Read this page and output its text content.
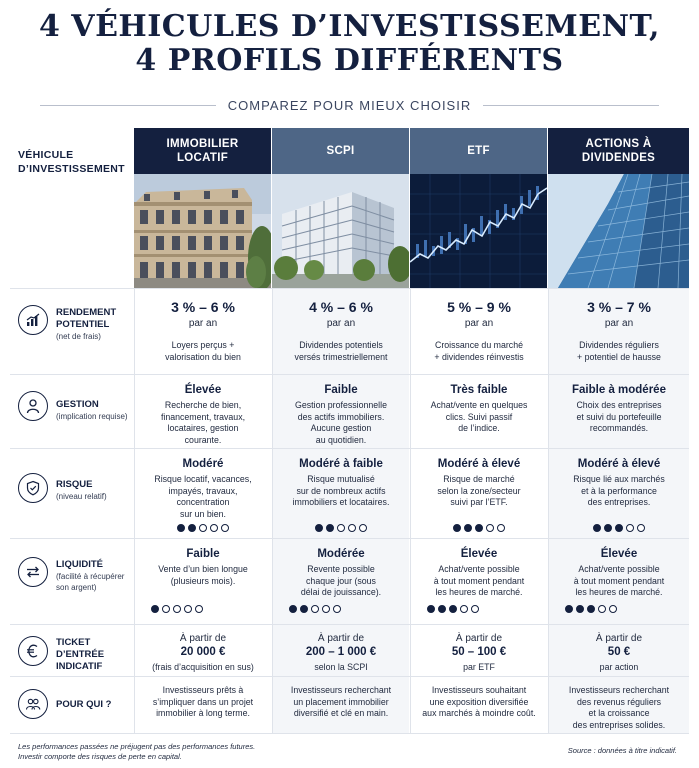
4 VÉHICULES D’INVESTISSEMENT,
4 PROFILS DIFFÉRENTS
COMPAREZ POUR MIEUX CHOISIR
VÉHICULE
D’INVESTISSEMENT
IMMOBILIER
LOCATIF
SCPI	ETF
ACTIONS À
DIVIDENDES
RENDEMENT POTENTIEL
(net de frais)
3 % – 6 %
par an
Loyers perçus +
valorisation du bien
4 % – 6 %
par an
Dividendes potentiels
versés trimestriellement
5 % – 9 %
par an
Croissance du marché
+ dividendes réinvestis
3 % – 7 %
par an
Dividendes réguliers
+ potentiel de hausse
GESTION
(implication requise)
Élevée
Recherche de bien,
financement, travaux,
locataires, gestion
courante.
Faible
Gestion professionnelle
des actifs immobiliers.
Aucune gestion
au quotidien.
Très faible
Achat/vente en quelques
clics. Suivi passif
de l’indice.
Faible à modérée
Choix des entreprises
et suivi du portefeuille
recommandés.
RISQUE
(niveau relatif)
Modéré
Risque locatif, vacances,
impayés, travaux,
concentration
sur un bien.
Modéré à faible
Risque mutualisé
sur de nombreux actifs
immobiliers et locataires.
Modéré à élevé
Risque de marché
selon la zone/secteur
suivi par l’ETF.
Modéré à élevé
Risque lié aux marchés
et à la performance
des entreprises.
LIQUIDITÉ
(facilité à récupérer
son argent)
Faible
Vente d’un bien longue
(plusieurs mois).
Modérée
Revente possible
chaque jour (sous
délai de jouissance).
Élevée
Achat/vente possible
à tout moment pendant
les heures de marché.
Élevée
Achat/vente possible
à tout moment pendant
les heures de marché.
TICKET D’ENTRÉE
INDICATIF
À partir de
20 000 €
(frais d’acquisition en sus)
À partir de
200 – 1 000 €
selon la SCPI
À partir de
50 – 100 €
par ETF
À partir de
50 €
par action
POUR QUI ?
Investisseurs prêts à
s’impliquer dans un projet
immobilier à long terme.
Investisseurs recherchant
un placement immobilier
diversifié et clé en main.
Investisseurs souhaitant
une exposition diversifiée
aux marchés à moindre coût.
Investisseurs recherchant
des revenus réguliers
et la croissance
des entreprises solides.
Les performances passées ne préjugent pas des performances futures.
Investir comporte des risques de perte en capital.
Source : données à titre indicatif.
